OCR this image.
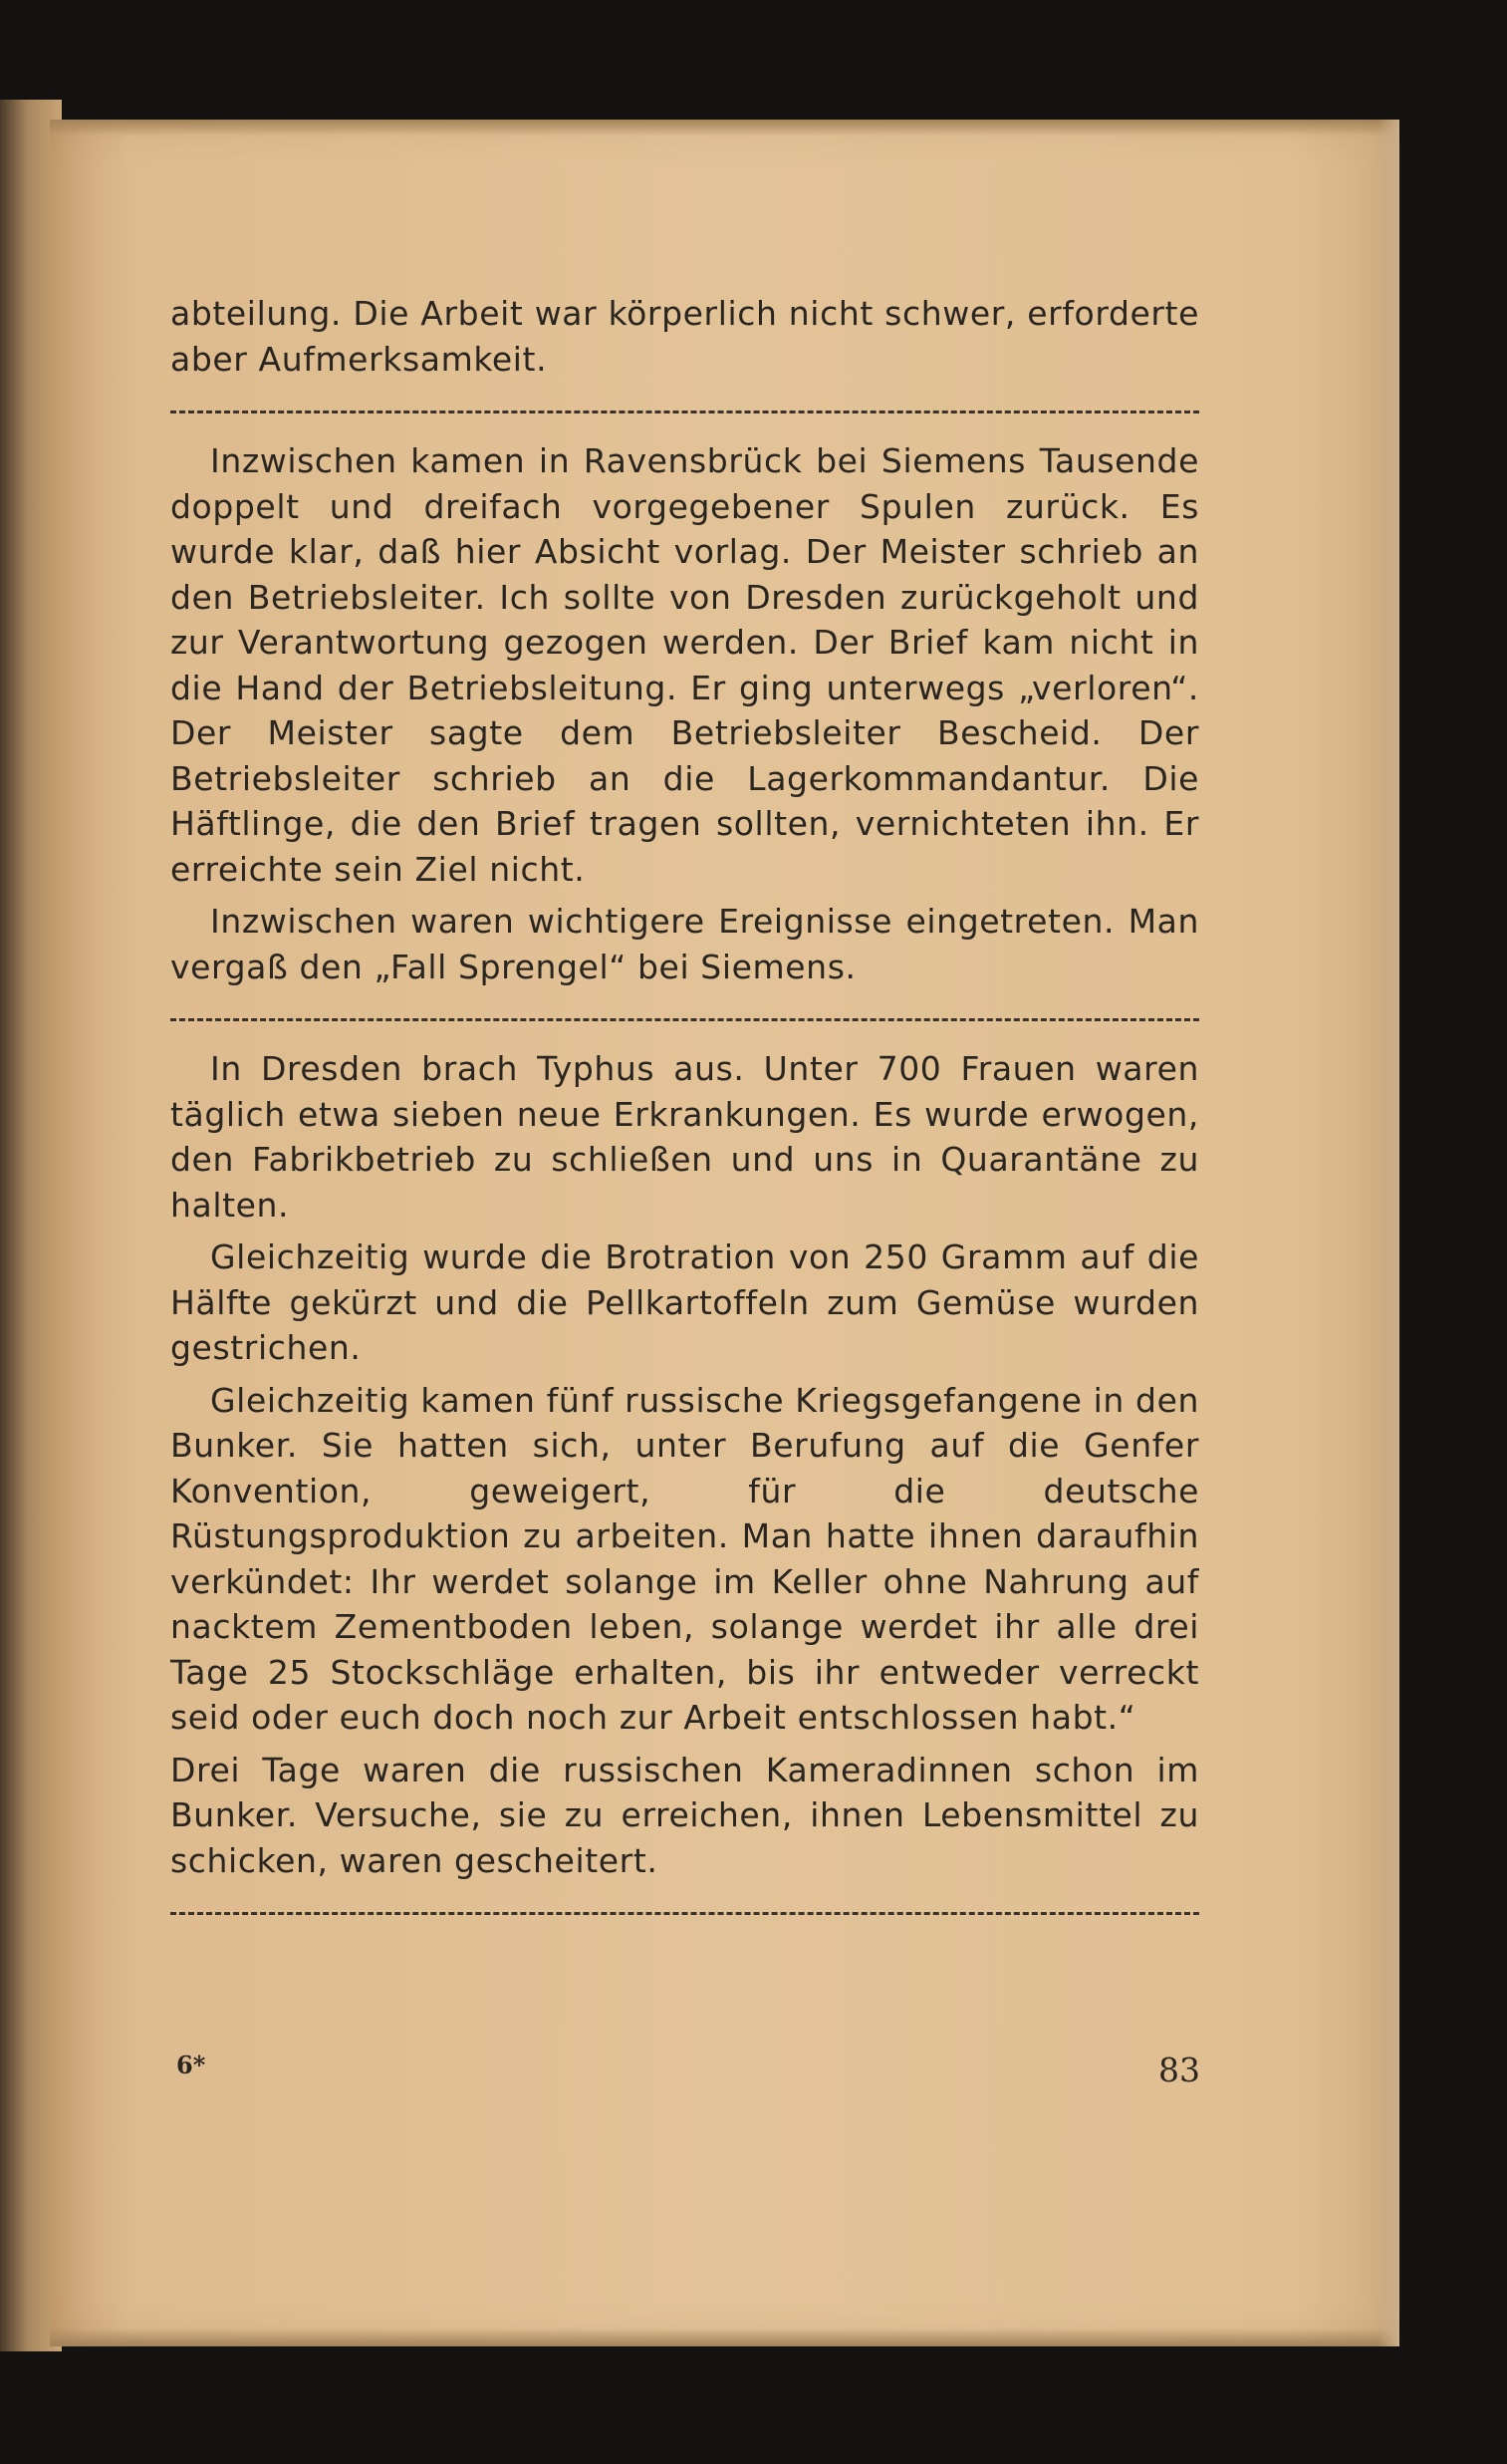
abteilung. Die Arbeit war körperlich nicht schwer, erforderte aber Aufmerksamkeit.

Inzwischen kamen in Ravensbrück bei Siemens Tausende doppelt und dreifach vorgegebener Spulen zurück. Es wurde klar, daß hier Absicht vorlag. Der Meister schrieb an den Betriebsleiter. Ich sollte von Dresden zurückgeholt und zur Verantwortung gezogen werden. Der Brief kam nicht in die Hand der Betriebsleitung. Er ging unterwegs „verloren“. Der Meister sagte dem Betriebsleiter Bescheid. Der Betriebsleiter schrieb an die Lagerkommandantur. Die Häftlinge, die den Brief tragen sollten, vernichteten ihn. Er erreichte sein Ziel nicht.

Inzwischen waren wichtigere Ereignisse eingetreten. Man vergaß den „Fall Sprengel“ bei Siemens.

In Dresden brach Typhus aus. Unter 700 Frauen waren täglich etwa sieben neue Erkrankungen. Es wurde erwogen, den Fabrikbetrieb zu schließen und uns in Quarantäne zu halten.

Gleichzeitig wurde die Brotration von 250 Gramm auf die Hälfte gekürzt und die Pellkartoffeln zum Gemüse wurden gestrichen.

Gleichzeitig kamen fünf russische Kriegsgefangene in den Bunker. Sie hatten sich, unter Berufung auf die Genfer Konvention, geweigert, für die deutsche Rüstungsproduktion zu arbeiten. Man hatte ihnen daraufhin verkündet: Ihr werdet solange im Keller ohne Nahrung auf nacktem Zementboden leben, solange werdet ihr alle drei Tage 25 Stockschläge erhalten, bis ihr entweder verreckt seid oder euch doch noch zur Arbeit entschlossen habt.“

Drei Tage waren die russischen Kameradinnen schon im Bunker. Versuche, sie zu erreichen, ihnen Lebensmittel zu schicken, waren gescheitert.

6*	83
